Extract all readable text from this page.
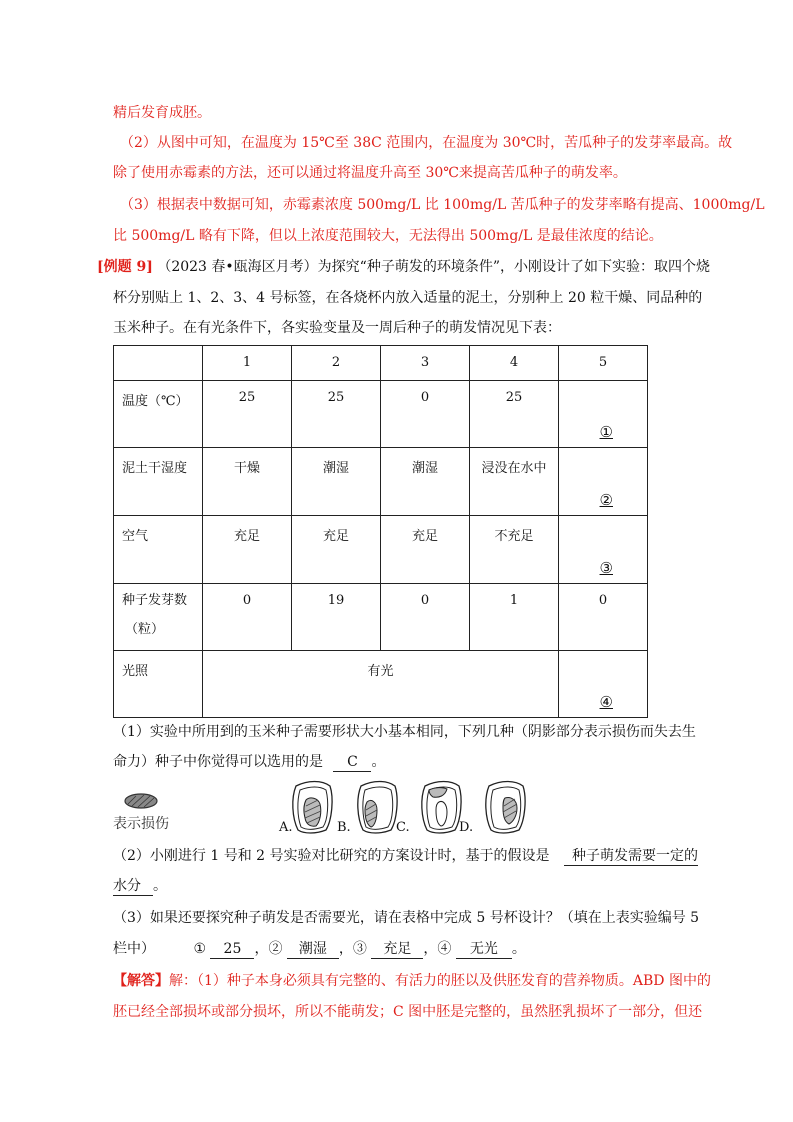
精后发育成胚。
（2）从图中可知，在温度为 15℃至 38C 范围内，在温度为 30℃时，苦瓜种子的发芽率最高。故
除了使用赤霉素的方法，还可以通过将温度升高至 30℃来提高苦瓜种子的萌发率。
（3）根据表中数据可知，赤霉素浓度 500mg/L 比 100mg/L 苦瓜种子的发芽率略有提高、1000mg/L
比 500mg/L 略有下降，但以上浓度范围较大，无法得出 500mg/L 是最佳浓度的结论。
[例题 9] （2023 春•瓯海区月考）为探究“种子萌发的环境条件”，小刚设计了如下实验：取四个烧
杯分别贴上 1、2、3、4 号标签，在各烧杯内放入适量的泥土，分别种上 20 粒干燥、同品种的
玉米种子。在有光条件下，各实验变量及一周后种子的萌发情况见下表：

	1	2	3	4	5

温度（℃）	25	25	0	25	①

泥土干湿度	干燥	潮湿	潮湿	浸没在水中	②

空气	充足	充足	充足	不充足	③

种子发芽数
（粒）	0	19	0	1	0

光照	有光				④
（1）实验中所用到的玉米种子需要形状大小基本相同，下列几种（阴影部分表示损伤而失去生
命力）种子中你觉得可以选用的是 C 。
表示损伤	A.	B.	C.	D.
（2）小刚进行 1 号和 2 号实验对比研究的方案设计时，基于的假设是 种子萌发需要一定的
水分 。
（3）如果还要探究种子萌发是否需要光，请在表格中完成 5 号杯设计？（填在上表实验编号 5
栏中）	① 25 ，② 潮湿 ，③ 充足 ，④ 无光 。
【解答】解：（1）种子本身必须具有完整的、有活力的胚以及供胚发育的营养物质。ABD 图中的
胚已经全部损坏或部分损坏，所以不能萌发；C 图中胚是完整的，虽然胚乳损坏了一部分，但还
